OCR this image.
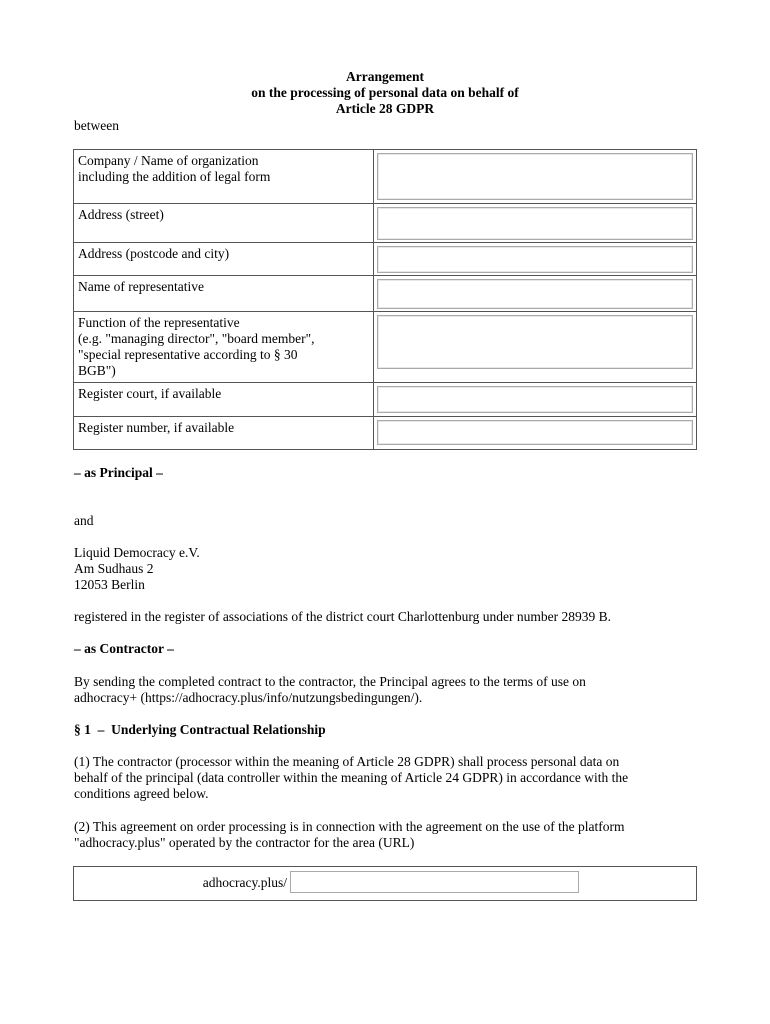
Arrangement
on the processing of personal data on behalf of
Article 28 GDPR
between
Company / Name of organization
including the addition of legal form	

Address (street)	

Address (postcode and city)	

Name of representative	

Function of the representative
(e.g. "managing director", "board member",
"special representative according to § 30
BGB")	

Register court, if available	

Register number, if available	

– as Principal –
and
Liquid Democracy e.V.
Am Sudhaus 2
12053 Berlin
registered in the register of associations of the district court Charlottenburg under number 28939 B.
– as Contractor –
By sending the completed contract to the contractor, the Principal agrees to the terms of use on
adhocracy+ (https://adhocracy.plus/info/nutzungsbedingungen/).
§ 1  –  Underlying Contractual Relationship
(1) The contractor (processor within the meaning of Article 28 GDPR) shall process personal data on
behalf of the principal (data controller within the meaning of Article 24 GDPR) in accordance with the
conditions agreed below.
(2) This agreement on order processing is in connection with the agreement on the use of the platform
"adhocracy.plus" operated by the contractor for the area (URL)
adhocracy.plus/
